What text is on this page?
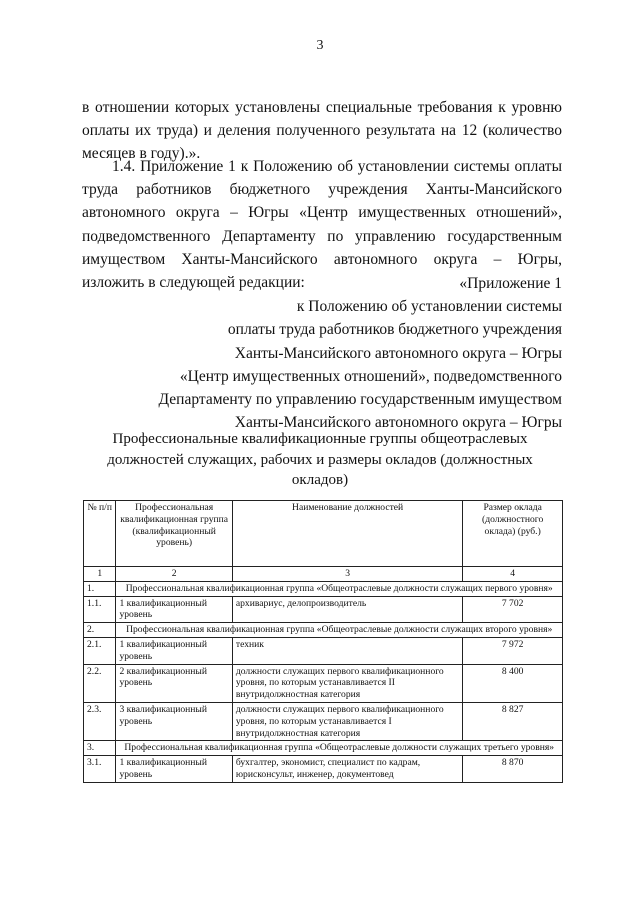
3
в отношении которых установлены специальные требования к уровню оплаты их труда) и деления полученного результата на 12 (количество месяцев в году).».
1.4. Приложение 1 к Положению об установлении системы оплаты труда работников бюджетного учреждения Ханты-Мансийского автономного округа – Югры «Центр имущественных отношений», подведомственного Департаменту по управлению государственным имуществом Ханты-Мансийского автономного округа – Югры, изложить в следующей редакции:	«Приложение 1
к Положению об установлении системы
оплаты труда работников бюджетного учреждения
Ханты-Мансийского автономного округа – Югры
«Центр имущественных отношений», подведомственного
Департаменту по управлению государственным имуществом
Ханты-Мансийского автономного округа – Югры
Профессиональные квалификационные группы общеотраслевых должностей служащих, рабочих и размеры окладов (должностных окладов)
№ п/п	Профессиональная квалификационная группа (квалификационный уровень)	Наименование должностей	Размер оклада (должностного оклада) (руб.)
1	2	3	4
1.	Профессиональная квалификационная группа «Общеотраслевые должности служащих первого уровня»		
1.1.	1 квалификационный уровень	архивариус, делопроизводитель	7 702
2.	Профессиональная квалификационная группа «Общеотраслевые должности служащих второго уровня»		
2.1.	1 квалификационный уровень	техник	7 972
2.2.	2 квалификационный уровень	должности служащих первого квалификационного уровня, по которым устанавливается II внутридолжностная категория	8 400
2.3.	3 квалификационный уровень	должности служащих первого квалификационного уровня, по которым устанавливается I внутридолжностная категория	8 827
3.	Профессиональная квалификационная группа «Общеотраслевые должности служащих третьего уровня»		
3.1.	1 квалификационный уровень	бухгалтер, экономист, специалист по кадрам, юрисконсульт, инженер, документовед	8 870
